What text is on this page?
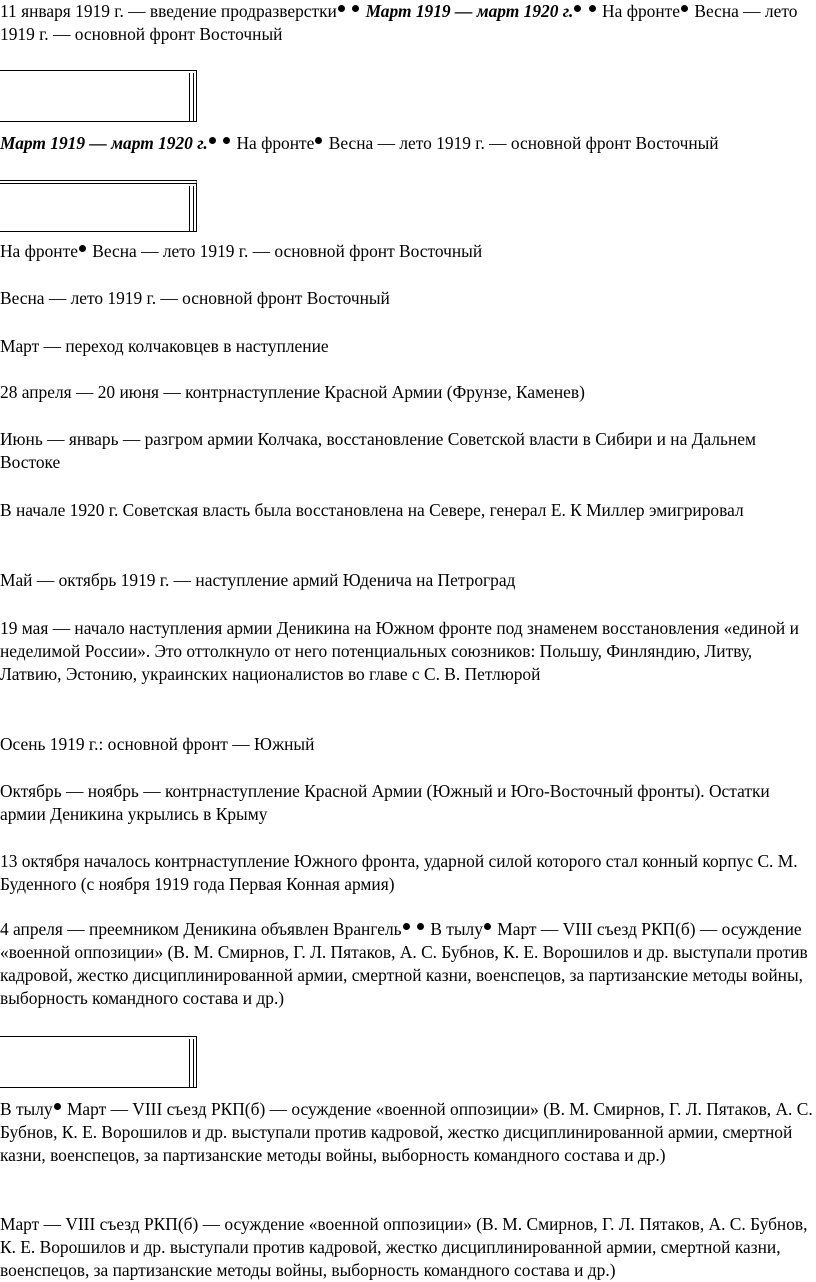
11 января 1919 г. — введение продразверстки Март 1919 — март 1920 г. На фронте Весна — лето 1919 г. — основной фронт Восточный

Март 1919 — март 1920 г. На фронте Весна — лето 1919 г. — основной фронт Восточный

На фронте Весна — лето 1919 г. — основной фронт Восточный

Весна — лето 1919 г. — основной фронт Восточный

Март — переход колчаковцев в наступление

28 апреля — 20 июня — контрнаступление Красной Армии (Фрунзе, Каменев)

Июнь — январь — разгром армии Колчака, восстановление Советской власти в Сибири и на Дальнем Востоке

В начале 1920 г. Советская власть была восстановлена на Севере, генерал Е. К Миллер эмигрировал

Май — октябрь 1919 г. — наступление армий Юденича на Петроград

19 мая — начало наступления армии Деникина на Южном фронте под знаменем восстановления «единой и неделимой России». Это оттолкнуло от него потенциальных союзников: Польшу, Финляндию, Литву, Латвию, Эстонию, украинских националистов во главе с С. В. Петлюрой

Осень 1919 г.: основной фронт — Южный

Октябрь — ноябрь — контрнаступление Красной Армии (Южный и Юго-Восточный фронты). Остатки армии Деникина укрылись в Крыму

13 октября началось контрнаступление Южного фронта, ударной силой которого стал конный корпус С. М. Буденного (с ноября 1919 года Первая Конная армия)

4 апреля — преемником Деникина объявлен Врангель В тылу Март — VIII съезд РКП(б) — осуждение «военной оппозиции» (В. М. Смирнов, Г. Л. Пятаков, А. С. Бубнов, К. Е. Ворошилов и др. выступали против кадровой, жестко дисциплинированной армии, смертной казни, военспецов, за партизанские методы войны, выборность командного состава и др.)

В тылу Март — VIII съезд РКП(б) — осуждение «военной оппозиции» (В. М. Смирнов, Г. Л. Пятаков, А. С. Бубнов, К. Е. Ворошилов и др. выступали против кадровой, жестко дисциплинированной армии, смертной казни, военспецов, за партизанские методы войны, выборность командного состава и др.)

Март — VIII съезд РКП(б) — осуждение «военной оппозиции» (В. М. Смирнов, Г. Л. Пятаков, А. С. Бубнов, К. Е. Ворошилов и др. выступали против кадровой, жестко дисциплинированной армии, смертной казни, военспецов, за партизанские методы войны, выборность командного состава и др.)
